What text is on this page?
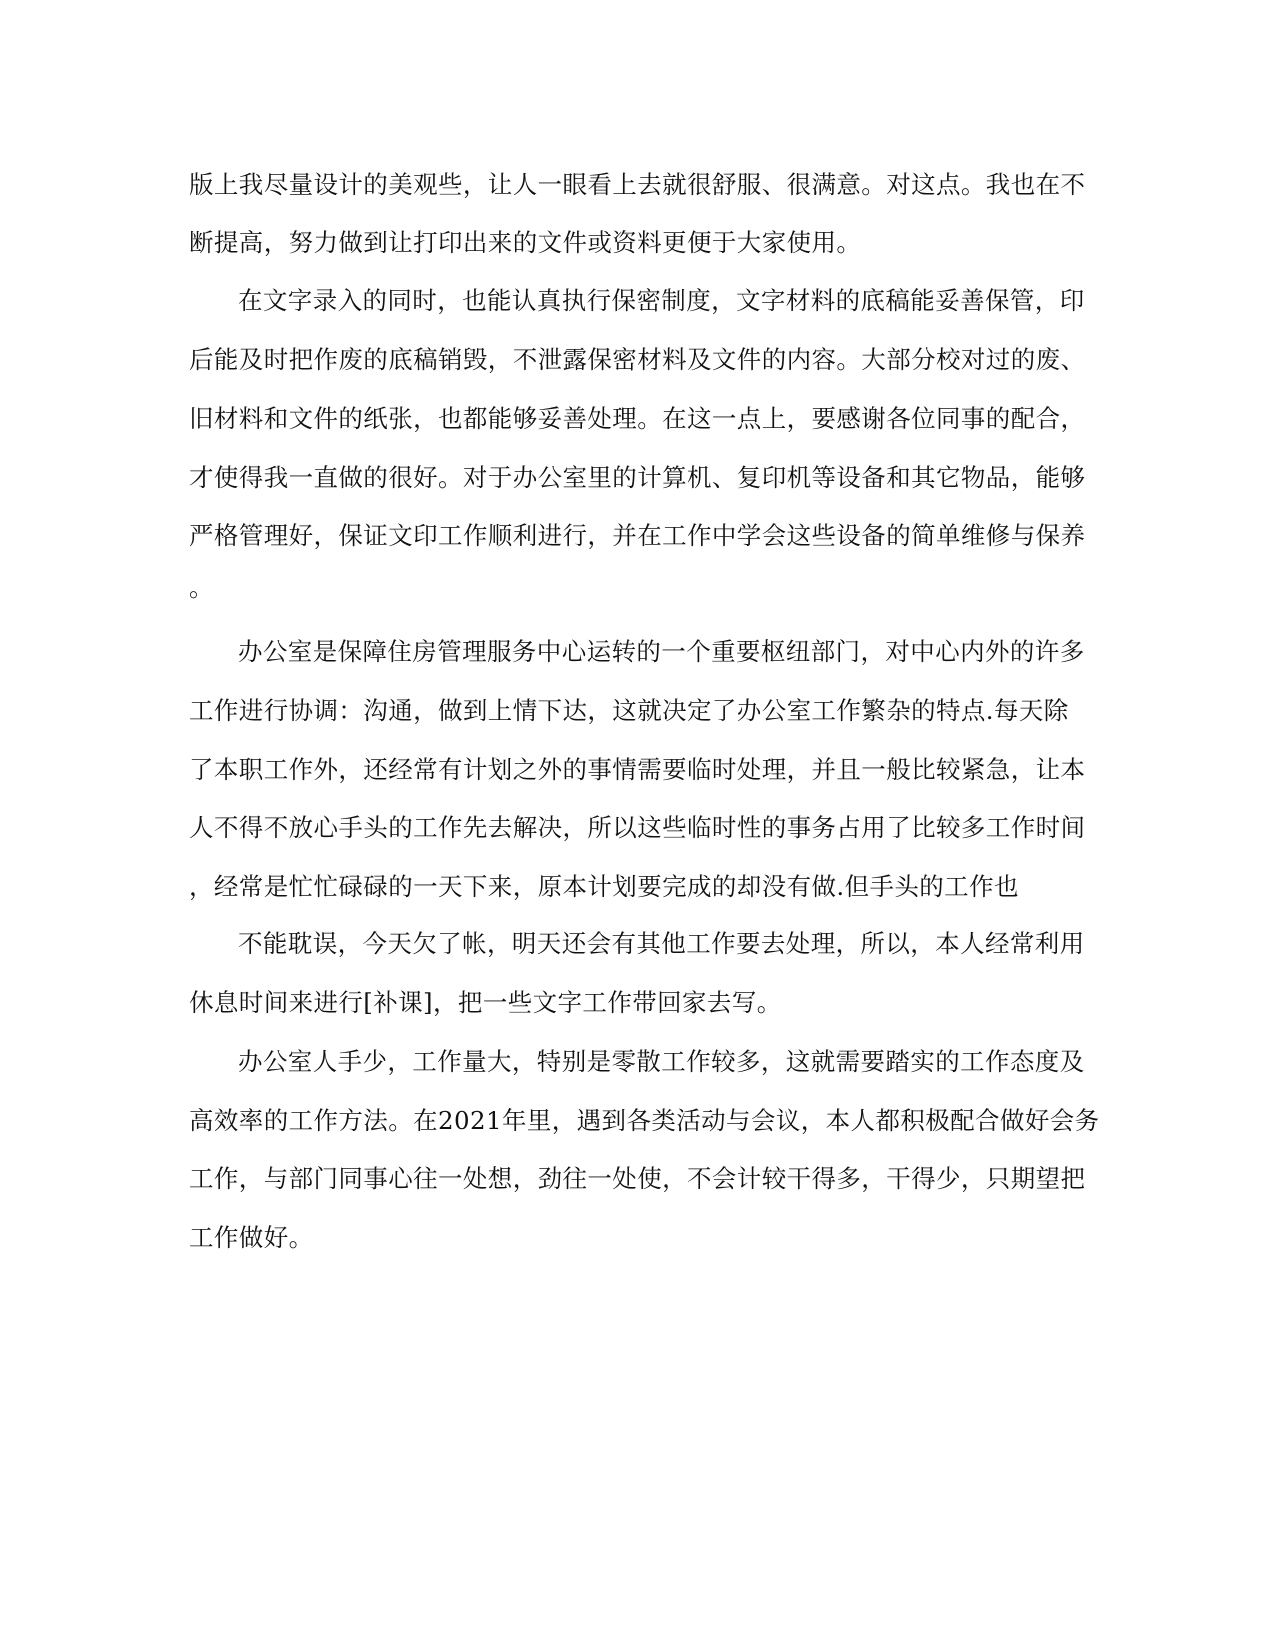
版上我尽量设计的美观些，让人一眼看上去就很舒服、很满意。对这点。我也在不
断提高，努力做到让打印出来的文件或资料更便于大家使用。
在文字录入的同时，也能认真执行保密制度，文字材料的底稿能妥善保管，印
后能及时把作废的底稿销毁，不泄露保密材料及文件的内容。大部分校对过的废、
旧材料和文件的纸张，也都能够妥善处理。在这一点上，要感谢各位同事的配合，
才使得我一直做的很好。对于办公室里的计算机、复印机等设备和其它物品，能够
严格管理好，保证文印工作顺利进行，并在工作中学会这些设备的简单维修与保养
。
办公室是保障住房管理服务中心运转的一个重要枢纽部门，对中心内外的许多
工作进行协调：沟通，做到上情下达，这就决定了办公室工作繁杂的特点.每天除
了本职工作外，还经常有计划之外的事情需要临时处理，并且一般比较紧急，让本
人不得不放心手头的工作先去解决，所以这些临时性的事务占用了比较多工作时间
，经常是忙忙碌碌的一天下来，原本计划要完成的却没有做.但手头的工作也
不能耽误，今天欠了帐，明天还会有其他工作要去处理，所以，本人经常利用
休息时间来进行[补课]，把一些文字工作带回家去写。
办公室人手少，工作量大，特别是零散工作较多，这就需要踏实的工作态度及
高效率的工作方法。在2021年里，遇到各类活动与会议，本人都积极配合做好会务
工作，与部门同事心往一处想，劲往一处使，不会计较干得多，干得少，只期望把
工作做好。
